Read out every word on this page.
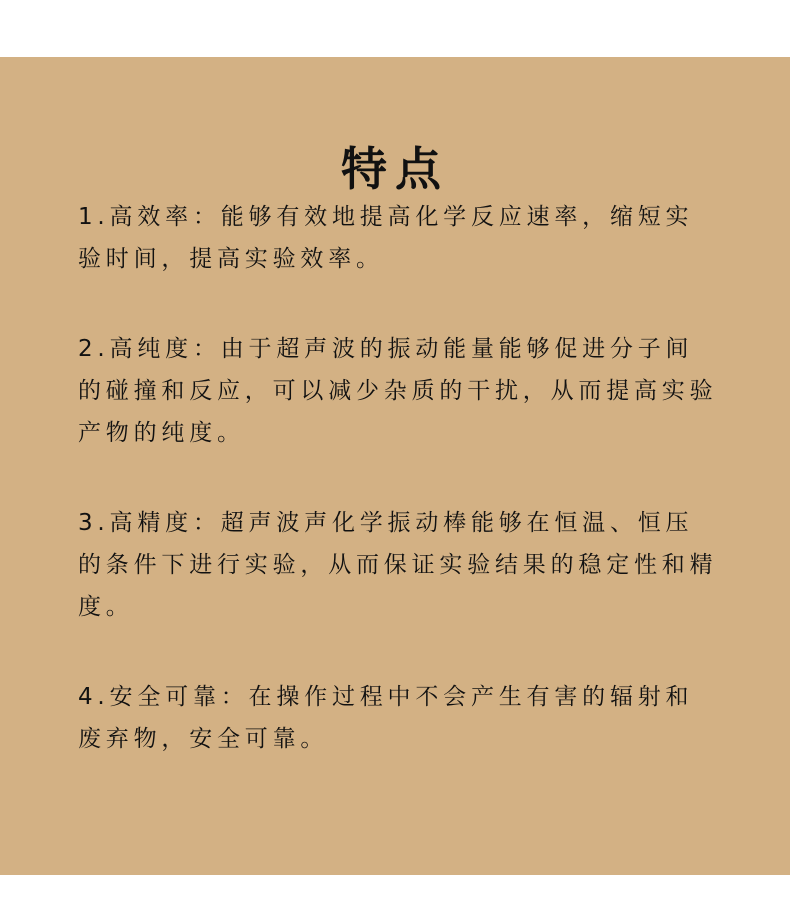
特点
1.高效率：能够有效地提高化学反应速率，缩短实验时间，提高实验效率。
2.高纯度：由于超声波的振动能量能够促进分子间的碰撞和反应，可以减少杂质的干扰，从而提高实验产物的纯度。
3.高精度：超声波声化学振动棒能够在恒温、恒压的条件下进行实验，从而保证实验结果的稳定性和精度。
4.安全可靠：在操作过程中不会产生有害的辐射和废弃物，安全可靠。
